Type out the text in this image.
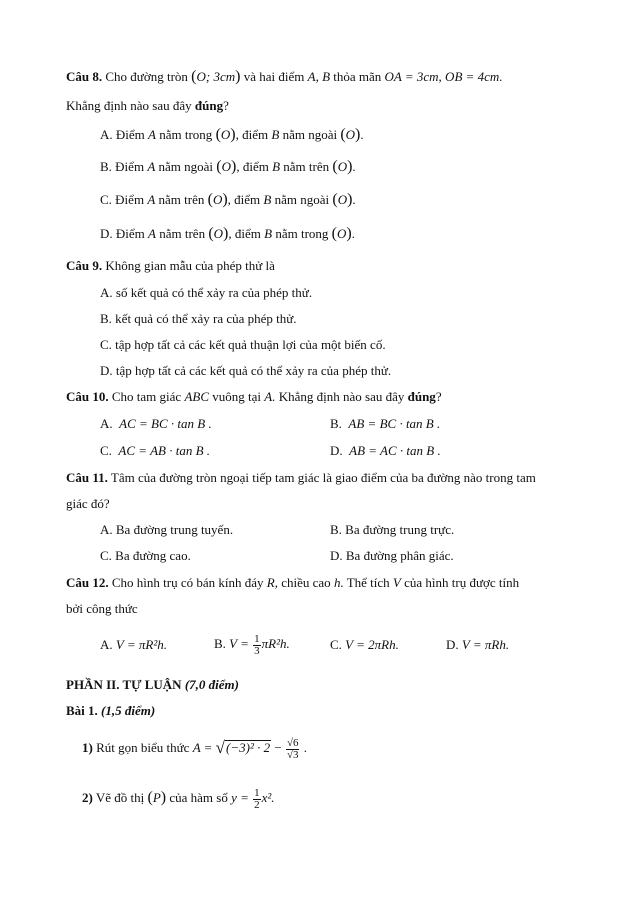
Câu 8. Cho đường tròn (O; 3cm) và hai điểm A, B thỏa mãn OA = 3cm, OB = 4cm.
Khẳng định nào sau đây đúng?
A. Điểm A nằm trong (O), điểm B nằm ngoài (O).
B. Điểm A nằm ngoài (O), điểm B nằm trên (O).
C. Điểm A nằm trên (O), điểm B nằm ngoài (O).
D. Điểm A nằm trên (O), điểm B nằm trong (O).
Câu 9. Không gian mẫu của phép thử là
A. số kết quả có thể xảy ra của phép thử.
B. kết quả có thể xảy ra của phép thử.
C. tập hợp tất cả các kết quả thuận lợi của một biến cố.
D. tập hợp tất cả các kết quả có thể xảy ra của phép thử.
Câu 10. Cho tam giác ABC vuông tại A. Khẳng định nào sau đây đúng?
A. AC = BC · tan B .	B. AB = BC · tan B .
C. AC = AB · tan B .	D. AB = AC · tan B .
Câu 11. Tâm của đường tròn ngoại tiếp tam giác là giao điểm của ba đường nào trong tam
giác đó?
A. Ba đường trung tuyến.	B. Ba đường trung trực.
C. Ba đường cao.	D. Ba đường phân giác.
Câu 12. Cho hình trụ có bán kính đáy R, chiều cao h. Thể tích V của hình trụ được tính
bởi công thức
A. V = πR²h.	B. $V = \frac{1}{3} \pi R^2h$.	C. V = 2πRh.	D. V = πRh.
PHẦN II. TỰ LUẬN (7,0 điểm)
Bài 1. (1,5 điểm)
1) Rút gọn biểu thức $A = √(-3)^2 \cdot 2 - \frac{√6}{√3}$ .
2) Vẽ đồ thị (P) của hàm số $y = \frac{1}{2} x^2$.
